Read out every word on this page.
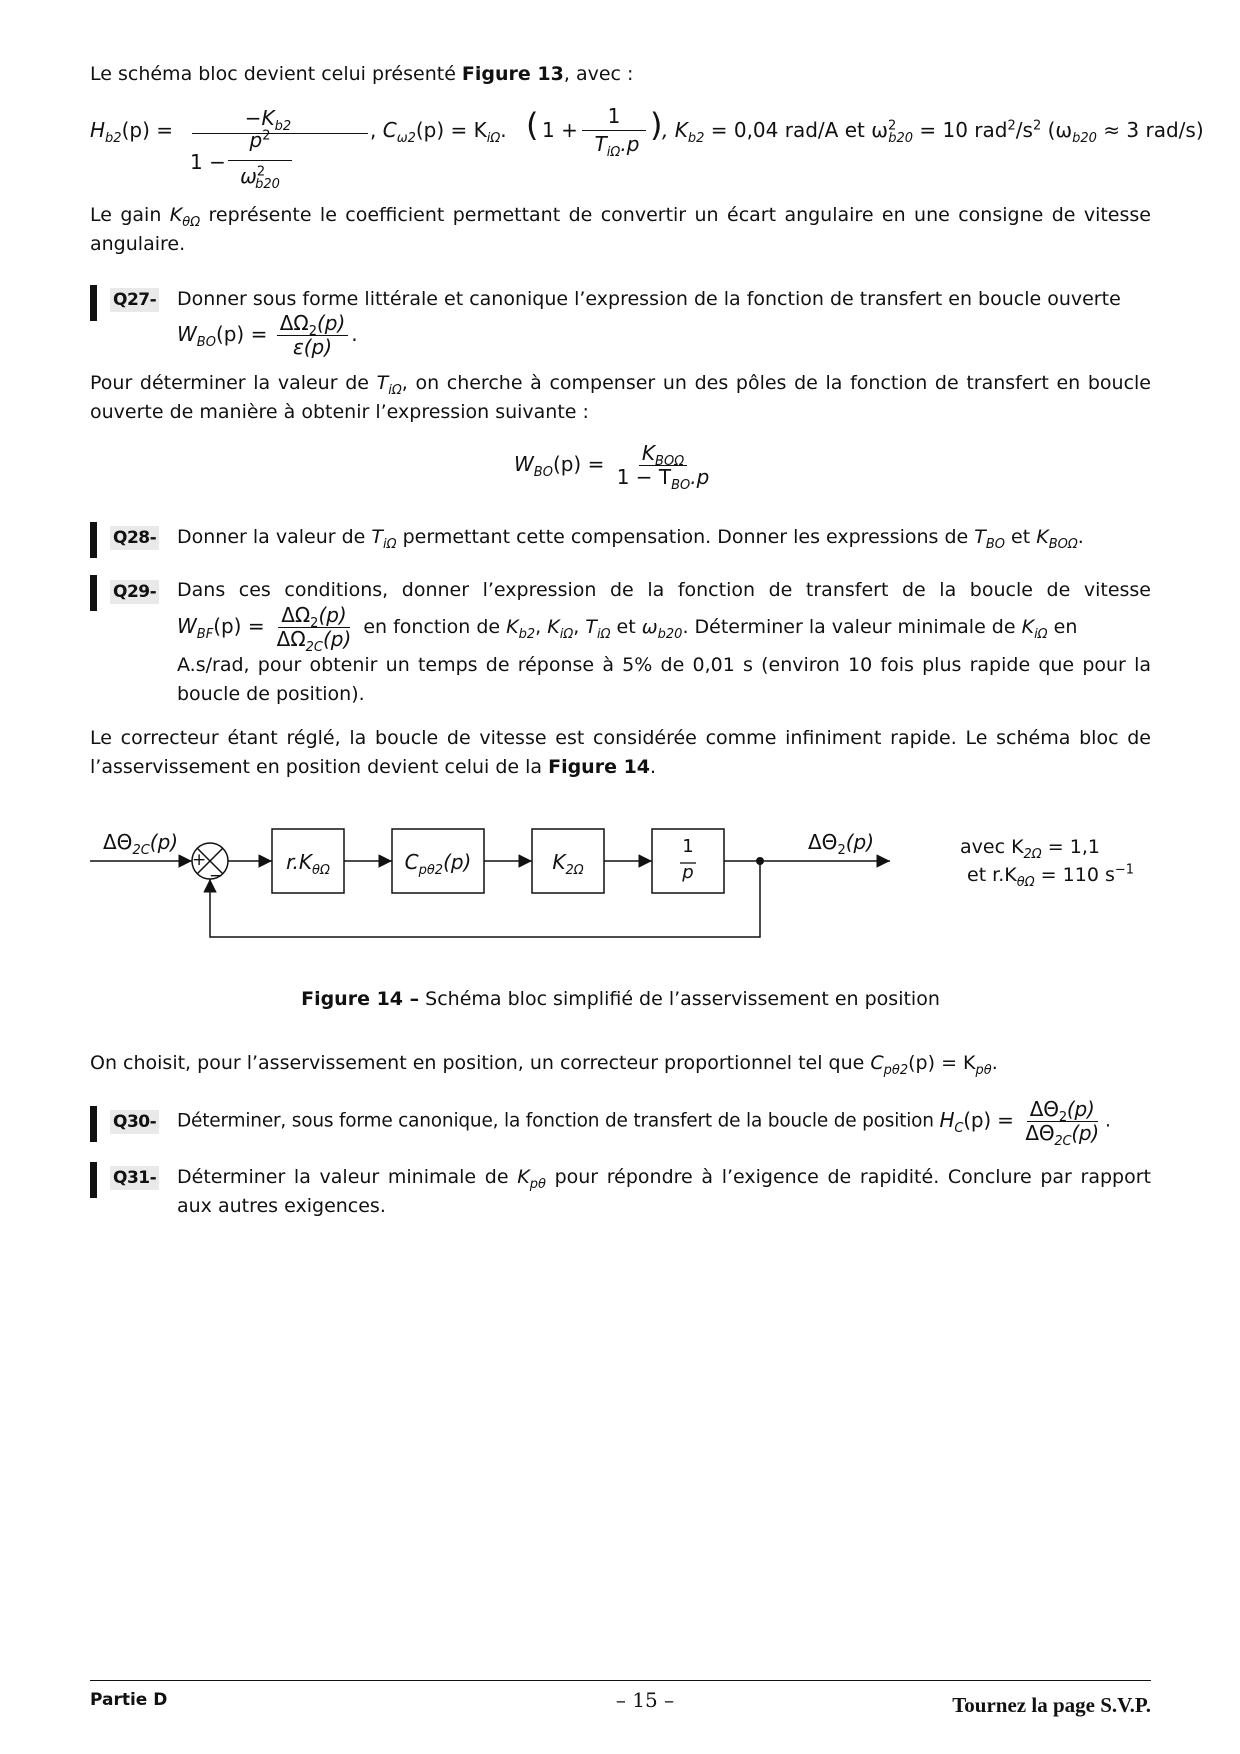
Le schéma bloc devient celui présenté Figure 13, avec :
$H_{b2}(p)$ =	$-K_{b2}$
1 −
$p^2$
$\omega^2_{b20}$
, $C_{\omega 2}(p) = K_{i\Omega}$. ( 1 +
1
$T_{i\Omega}.p$ ) , $K_{b2} = 0,04$ rad/A et $\omega^2_{b20} = 10$ $rad^2/s^2$ ($\omega_{b20} \approx 3$ rad/s)
Le gain $K_{\theta\Omega}$ représente le coefficient permettant de convertir un écart angulaire en une consigne de vitesse angulaire.
Q27- Donner sous forme littérale et canonique l’expression de la fonction de transfert en boucle ouverte
$W_{BO}(p) = \frac{\Delta\Omega_2(p)}{\varepsilon(p)}$ .
Pour déterminer la valeur de $T_{i\Omega}$, on cherche à compenser un des pôles de la fonction de transfert en boucle ouverte de manière à obtenir l’expression suivante :
$W_{BO}(p) = \frac{K_{BO\Omega}}{1 - T_{BO}.p}$
Q28- Donner la valeur de $T_{i\Omega}$ permettant cette compensation. Donner les expressions de $T_{BO}$ et $K_{BO\Omega}$.
Q29- Dans ces conditions, donner l’expression de la fonction de transfert de la boucle de vitesse
$W_{BF}(p) = \frac{\Delta\Omega_2(p)}{\Delta\Omega_{2C}(p)}$ en fonction de $K_{b2}$, $K_{i\Omega}$, $T_{i\Omega}$ et $\omega_{b20}$. Déterminer la valeur minimale de $K_{i\Omega}$ en
A.s/rad, pour obtenir un temps de réponse à 5% de 0,01 s (environ 10 fois plus rapide que pour la
boucle de position).
Le correcteur étant réglé, la boucle de vitesse est considérée comme infiniment rapide. Le schéma bloc de l’asservissement en position devient celui de la Figure 14.
$\Delta\Theta_{2C}(p)$
+
−
$r.K_{\theta\Omega}$	$C_{p\theta 2}(p)$	$K_{2\Omega}$
1
p
$\Delta\Theta_2(p)$	avec $K_{2\Omega} = 1,1$
et $r.K_{\theta\Omega} = 110$ $s^{-1}$
Figure 14 – Schéma bloc simplifié de l’asservissement en position
On choisit, pour l’asservissement en position, un correcteur proportionnel tel que $C_{p\theta 2}(p) = K_{p\theta}$.
Q30- Déterminer, sous forme canonique, la fonction de transfert de la boucle de position $H_C(p) = \frac{\Delta\Theta_2(p)}{\Delta\Theta_{2C}(p)}$ .
Q31- Déterminer la valeur minimale de $K_{p\theta}$ pour répondre à l’exigence de rapidité. Conclure par rapport aux autres exigences.
Partie D	– 15 –	Tournez la page S.V.P.
